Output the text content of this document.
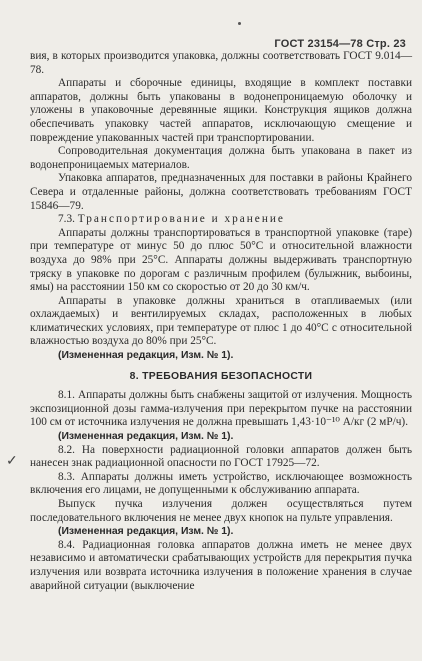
ГОСТ 23154—78 Стр. 23
✓

вия, в которых производится упаковка, должны соответствовать ГОСТ 9.014—78.

Аппараты и сборочные единицы, входящие в комплект поставки аппаратов, должны быть упакованы в водонепроницаемую оболочку и уложены в упаковочные деревянные ящики. Конструкция ящиков должна обеспечивать упаковку частей аппаратов, исключающую смещение и повреждение упакованных частей при транспортировании.

Сопроводительная документация должна быть упакована в пакет из водонепроницаемых материалов.

Упаковка аппаратов, предназначенных для поставки в районы Крайнего Севера и отдаленные районы, должна соответствовать требованиям ГОСТ 15846—79.

7.3. Транспортирование и хранение

Аппараты должны транспортироваться в транспортной упаковке (таре) при температуре от минус 50 до плюс 50°С и относительной влажности воздуха до 98% при 25°С. Аппараты должны выдерживать транспортную тряску в упаковке по дорогам с различным профилем (булыжник, выбоины, ямы) на расстоянии 150 км со скоростью от 20 до 30 км/ч.

Аппараты в упаковке должны храниться в отапливаемых (или охлаждаемых) и вентилируемых складах, расположенных в любых климатических условиях, при температуре от плюс 1 до 40°С с относительной влажностью воздуха до 80% при 25°С.

(Измененная редакция, Изм. № 1).

8. ТРЕБОВАНИЯ БЕЗОПАСНОСТИ

8.1. Аппараты должны быть снабжены защитой от излучения. Мощность экспозиционной дозы гамма-излучения при перекрытом пучке на расстоянии 100 см от источника излучения не должна превышать 1,43·10⁻¹⁰ А/кг (2 мР/ч).

(Измененная редакция, Изм. № 1).

8.2. На поверхности радиационной головки аппаратов должен быть нанесен знак радиационной опасности по ГОСТ 17925—72.

8.3. Аппараты должны иметь устройство, исключающее возможность включения его лицами, не допущенными к обслуживанию аппарата.

Выпуск пучка излучения должен осуществляться путем последовательного включения не менее двух кнопок на пульте управления.

(Измененная редакция, Изм. № 1).

8.4. Радиационная головка аппаратов должна иметь не менее двух независимо и автоматически срабатывающих устройств для перекрытия пучка излучения или возврата источника излучения в положение хранения в случае аварийной ситуации (выключение
